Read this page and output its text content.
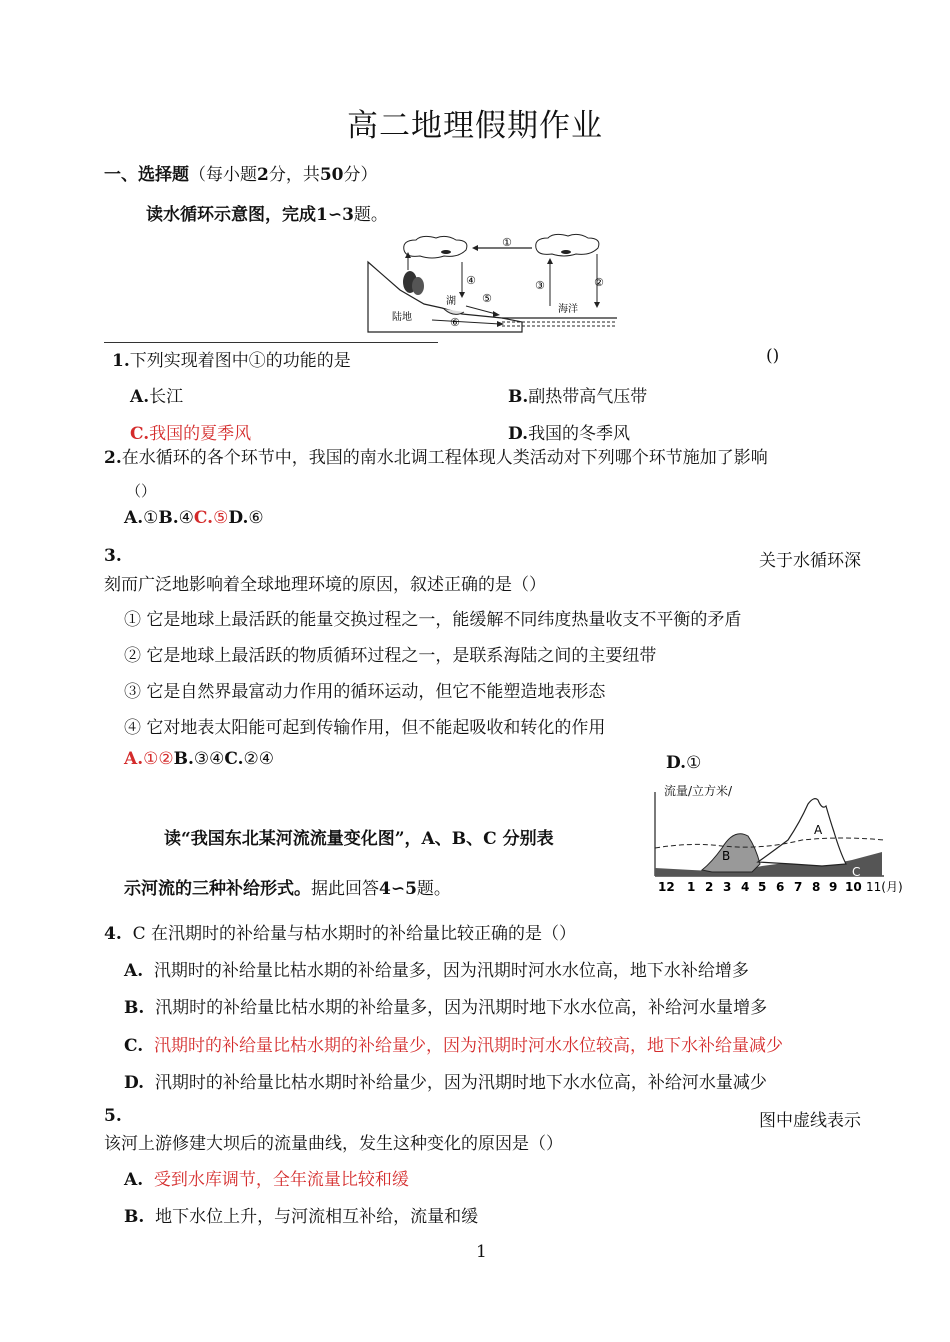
高二地理假期作业
一、选择题（每小题2分，共50分）
读水循环示意图，完成1∽3题。
①
②
③
④
⑤
⑥
湖
陆地
海洋
1.下列实现着图中①的功能的是	()
A.长江	B.副热带高气压带
C.我国的夏季风	D.我国的冬季风
2.在水循环的各个环节中，我国的南水北调工程体现人类活动对下列哪个环节施加了影响
（）
A.①B.④C.⑤D.⑥
3.	关于水循环深
刻而广泛地影响着全球地理环境的原因，叙述正确的是（）
① 它是地球上最活跃的能量交换过程之一，能缓解不同纬度热量收支不平衡的矛盾
② 它是地球上最活跃的物质循环过程之一，是联系海陆之间的主要纽带
③ 它是自然界最富动力作用的循环运动，但它不能塑造地表形态
④ 它对地表太阳能可起到传输作用，但不能起吸收和转化的作用
A.①②B.③④C.②④	D.①
读“我国东北某河流流量变化图”，A、B、C 分别表
示河流的三种补给形式。据此回答4∽5题。
流量/立方米/
A
B
C
12 1 2 3 4 5 6 7 8 9 10 11(月)
4. C 在汛期时的补给量与枯水期时的补给量比较正确的是（）
A. 汛期时的补给量比枯水期的补给量多，因为汛期时河水水位高，地下水补给增多
B. 汛期时的补给量比枯水期的补给量多，因为汛期时地下水水位高，补给河水量增多
C. 汛期时的补给量比枯水期的补给量少，因为汛期时河水水位较高，地下水补给量减少
D. 汛期时的补给量比枯水期时补给量少，因为汛期时地下水水位高，补给河水量减少
5.	图中虚线表示
该河上游修建大坝后的流量曲线，发生这种变化的原因是（）
A. 受到水库调节，全年流量比较和缓
B. 地下水位上升，与河流相互补给，流量和缓
1
